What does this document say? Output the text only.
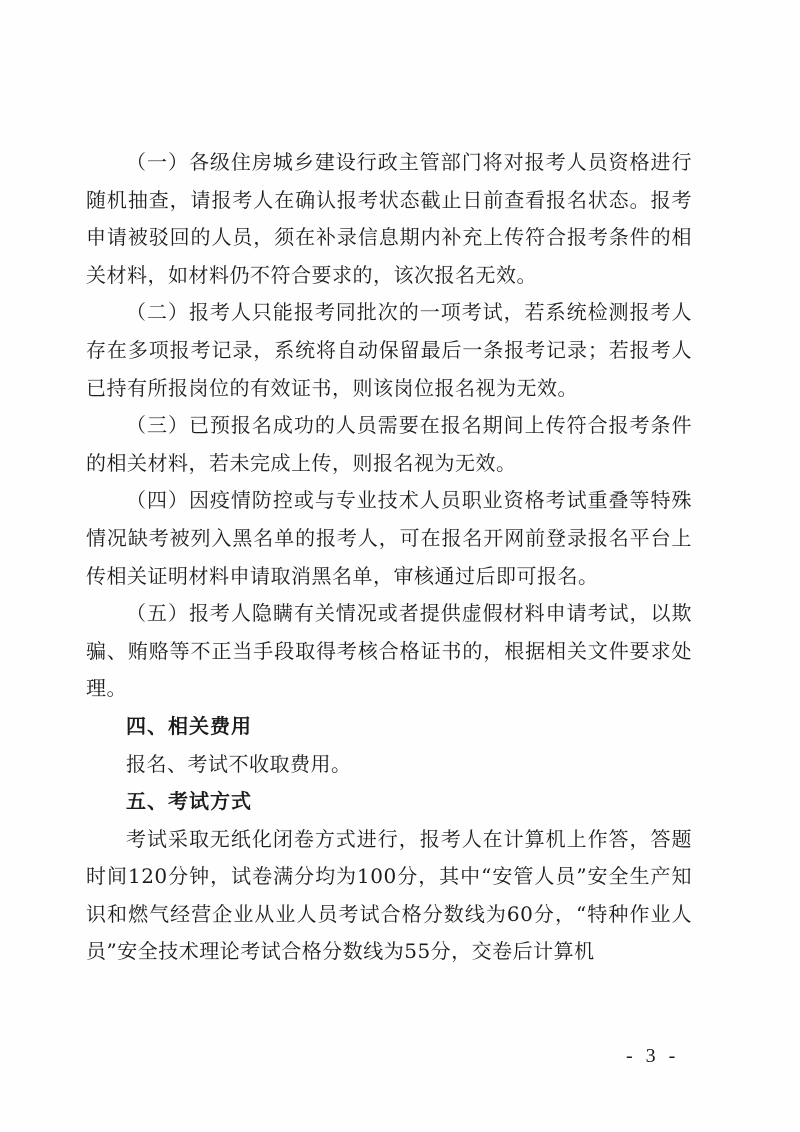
（一）各级住房城乡建设行政主管部门将对报考人员资格进行随机抽查，请报考人在确认报考状态截止日前查看报名状态。报考申请被驳回的人员，须在补录信息期内补充上传符合报考条件的相关材料，如材料仍不符合要求的，该次报名无效。

（二）报考人只能报考同批次的一项考试，若系统检测报考人存在多项报考记录，系统将自动保留最后一条报考记录；若报考人已持有所报岗位的有效证书，则该岗位报名视为无效。

（三）已预报名成功的人员需要在报名期间上传符合报考条件的相关材料，若未完成上传，则报名视为无效。

（四）因疫情防控或与专业技术人员职业资格考试重叠等特殊情况缺考被列入黑名单的报考人，可在报名开网前登录报名平台上传相关证明材料申请取消黑名单，审核通过后即可报名。

（五）报考人隐瞒有关情况或者提供虚假材料申请考试，以欺骗、贿赂等不正当手段取得考核合格证书的，根据相关文件要求处理。

四、相关费用

报名、考试不收取费用。

五、考试方式

考试采取无纸化闭卷方式进行，报考人在计算机上作答，答题时间120分钟，试卷满分均为100分，其中“安管人员”安全生产知识和燃气经营企业从业人员考试合格分数线为60分，“特种作业人员”安全技术理论考试合格分数线为55分，交卷后计算机

- 3 -
